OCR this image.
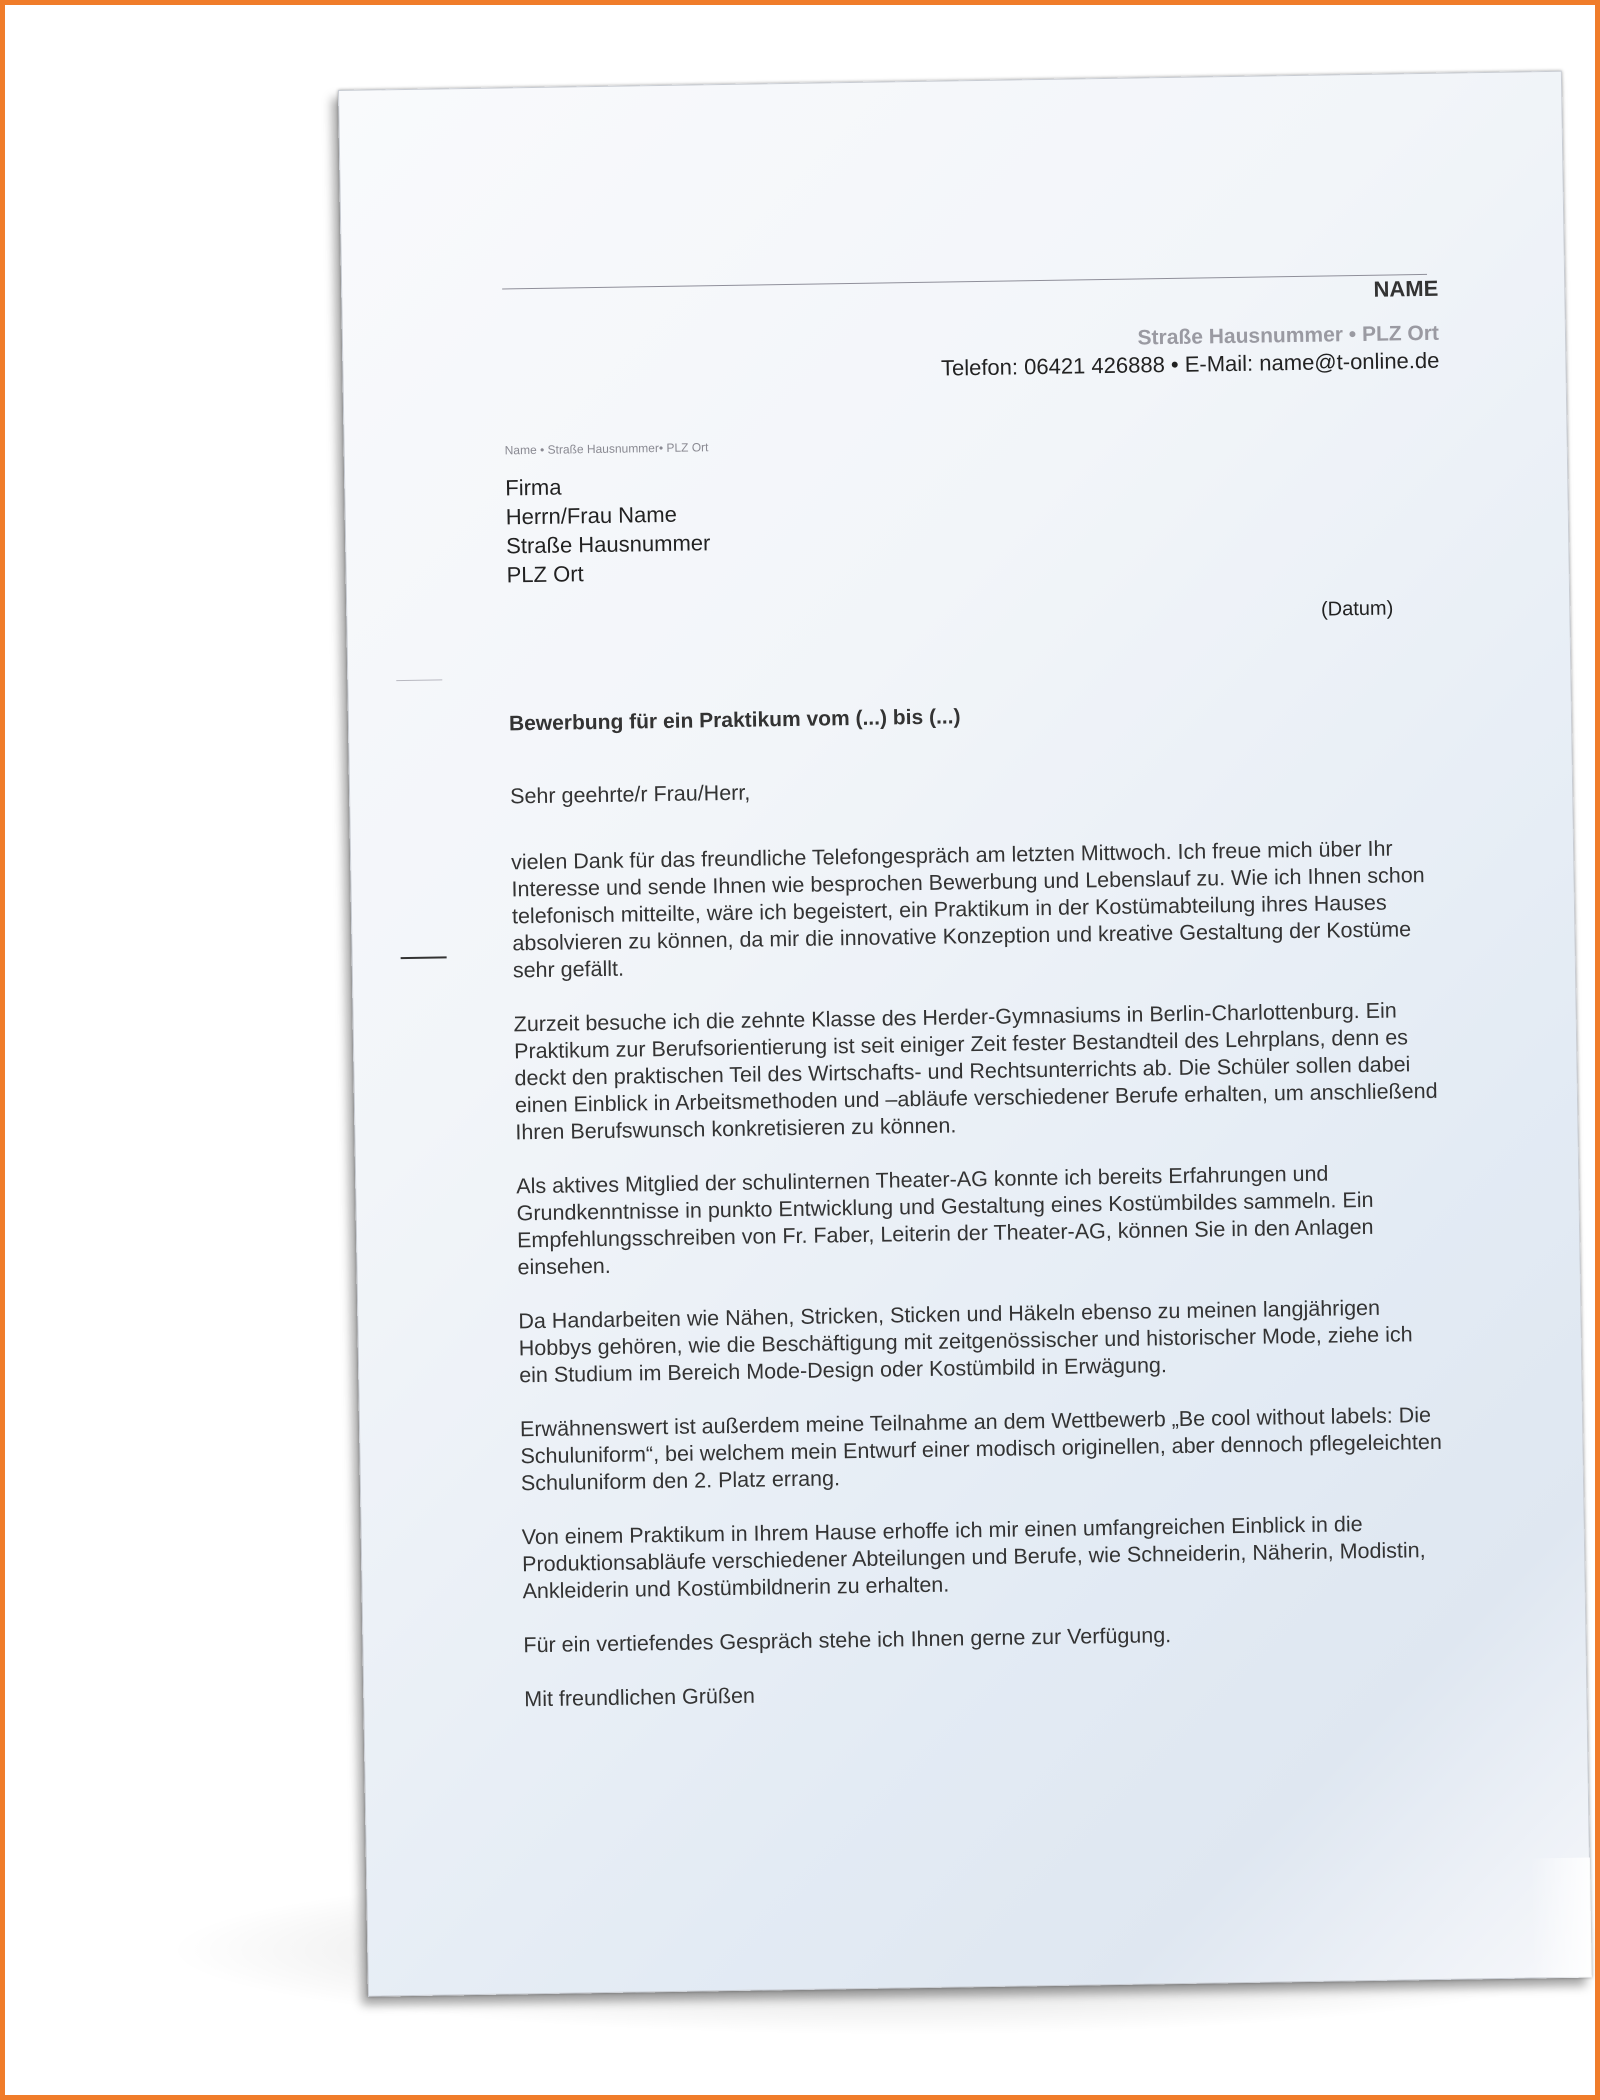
NAME
Straße Hausnummer • PLZ Ort
Telefon: 06421 426888 • E-Mail: name@t-online.de
Name • Straße Hausnummer• PLZ Ort
Firma
Herrn/Frau Name
Straße Hausnummer
PLZ Ort
(Datum)
Bewerbung für ein Praktikum vom (...) bis (...)

Sehr geehrte/r Frau/Herr,

vielen Dank für das freundliche Telefongespräch am letzten Mittwoch. Ich freue mich über Ihr Interesse und sende Ihnen wie besprochen Bewerbung und Lebenslauf zu. Wie ich Ihnen schon telefonisch mitteilte, wäre ich begeistert, ein Praktikum in der Kostümabteilung ihres Hauses absolvieren zu können, da mir die innovative Konzeption und kreative Gestaltung der Kostüme sehr gefällt.

Zurzeit besuche ich die zehnte Klasse des Herder-Gymnasiums in Berlin-Charlottenburg. Ein Praktikum zur Berufsorientierung ist seit einiger Zeit fester Bestandteil des Lehrplans, denn es deckt den praktischen Teil des Wirtschafts- und Rechtsunterrichts ab. Die Schüler sollen dabei einen Einblick in Arbeitsmethoden und –abläufe verschiedener Berufe erhalten, um anschließend Ihren Berufswunsch konkretisieren zu können.

Als aktives Mitglied der schulinternen Theater-AG konnte ich bereits Erfahrungen und Grundkenntnisse in punkto Entwicklung und Gestaltung eines Kostümbildes sammeln. Ein Empfehlungsschreiben von Fr. Faber, Leiterin der Theater-AG, können Sie in den Anlagen einsehen.

Da Handarbeiten wie Nähen, Stricken, Sticken und Häkeln ebenso zu meinen langjährigen Hobbys gehören, wie die Beschäftigung mit zeitgenössischer und historischer Mode, ziehe ich ein Studium im Bereich Mode-Design oder Kostümbild in Erwägung.

Erwähnenswert ist außerdem meine Teilnahme an dem Wettbewerb „Be cool without labels: Die Schuluniform“, bei welchem mein Entwurf einer modisch originellen, aber dennoch pflegeleichten Schuluniform den 2. Platz errang.

Von einem Praktikum in Ihrem Hause erhoffe ich mir einen umfangreichen Einblick in die Produktionsabläufe verschiedener Abteilungen und Berufe, wie Schneiderin, Näherin, Modistin, Ankleiderin und Kostümbildnerin zu erhalten.

Für ein vertiefendes Gespräch stehe ich Ihnen gerne zur Verfügung.

Mit freundlichen Grüßen
